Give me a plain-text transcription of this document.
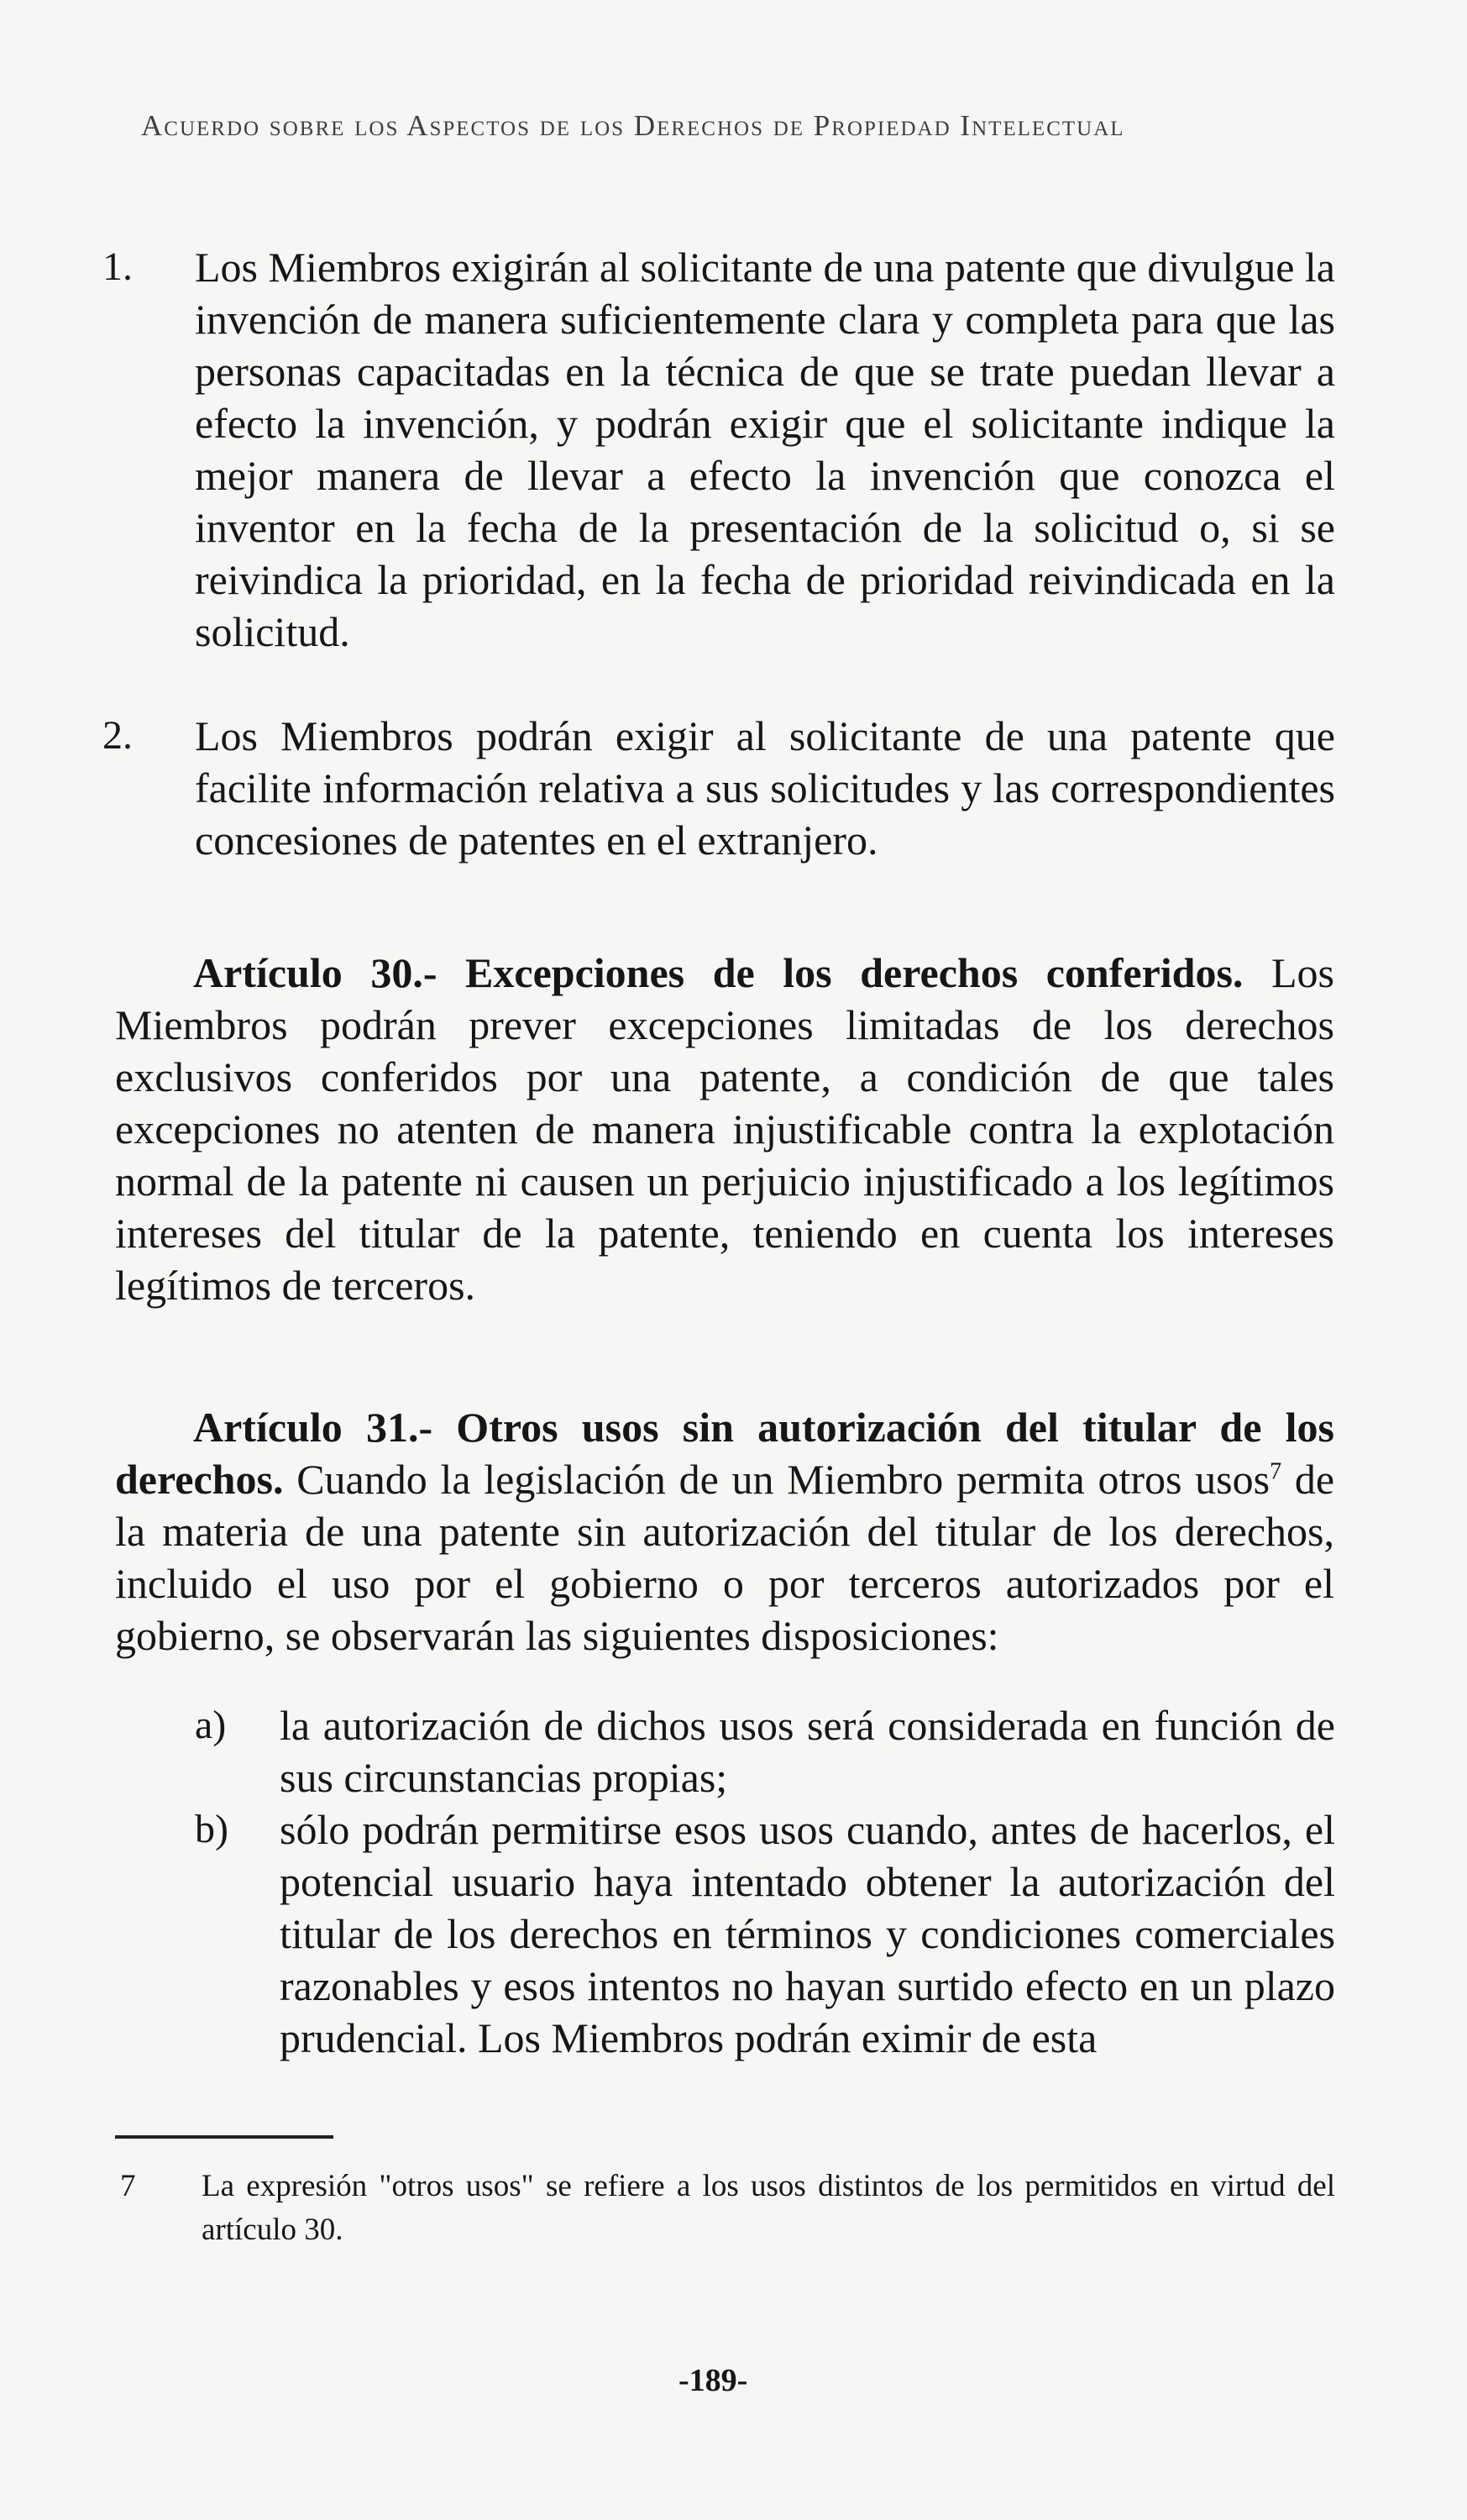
Acuerdo sobre los Aspectos de los Derechos de Propiedad Intelectual
1. Los Miembros exigirán al solicitante de una patente que divulgue la invención de manera suficientemente clara y completa para que las personas capacitadas en la técnica de que se trate puedan llevar a efecto la invención, y podrán exigir que el solicitante indique la mejor manera de llevar a efecto la invención que conozca el inventor en la fecha de la presentación de la solicitud o, si se reivindica la prioridad, en la fecha de prioridad reivindicada en la solicitud.
2. Los Miembros podrán exigir al solicitante de una patente que facilite información relativa a sus solicitudes y las correspondientes concesiones de patentes en el extranjero.
Artículo 30.- Excepciones de los derechos conferidos. Los Miembros podrán prever excepciones limitadas de los derechos exclusivos conferidos por una patente, a condición de que tales excepciones no atenten de manera injustificable contra la explotación normal de la patente ni causen un perjuicio injustificado a los legítimos intereses del titular de la patente, teniendo en cuenta los intereses legítimos de terceros.
Artículo 31.- Otros usos sin autorización del titular de los derechos. Cuando la legislación de un Miembro permita otros usos$^7$ de la materia de una patente sin autorización del titular de los derechos, incluido el uso por el gobierno o por terceros autorizados por el gobierno, se observarán las siguientes disposiciones:
a) la autorización de dichos usos será considerada en función de sus circunstancias propias;
b) sólo podrán permitirse esos usos cuando, antes de hacerlos, el potencial usuario haya intentado obtener la autorización del titular de los derechos en términos y condiciones comerciales razonables y esos intentos no hayan surtido efecto en un plazo prudencial. Los Miembros podrán eximir de esta
7 La expresión "otros usos" se refiere a los usos distintos de los permitidos en virtud del artículo 30.
-189-
